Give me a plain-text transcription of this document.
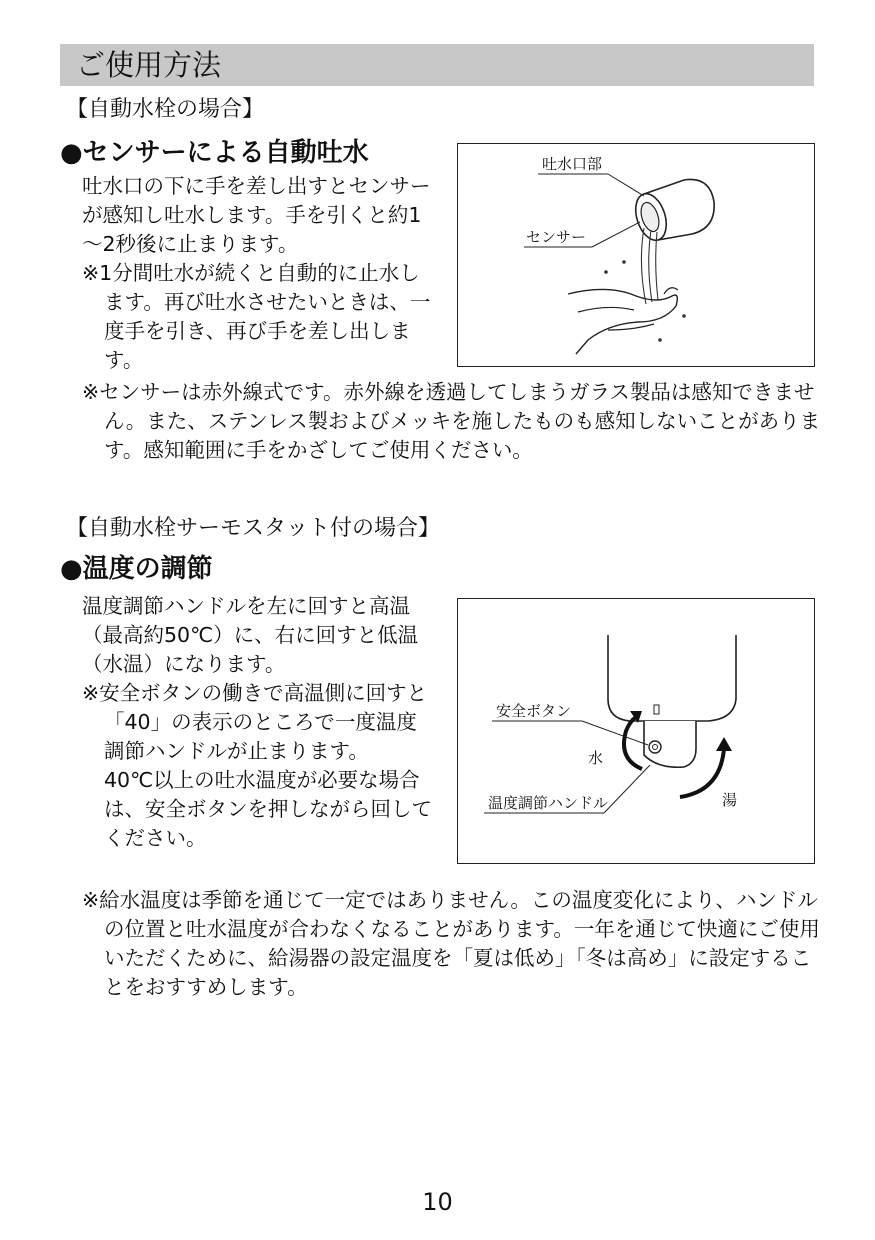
ご使用方法
【自動水栓の場合】
●センサーによる自動吐水

吐水口の下に手を差し出すとセンサーが感知し吐水します。手を引くと約1～2秒後に止まります。

※1分間吐水が続くと自動的に止水します。再び吐水させたいときは、一度手を引き、再び手を差し出します。

吐水口部
センサー

※センサーは赤外線式です。赤外線を透過してしまうガラス製品は感知できません。また、ステンレス製およびメッキを施したものも感知しないことがあります。感知範囲に手をかざしてご使用ください。

【自動水栓サーモスタット付の場合】
●温度の調節

温度調節ハンドルを左に回すと高温（最高約50℃）に、右に回すと低温（水温）になります。

※安全ボタンの働きで高温側に回すと「40」の表示のところで一度温度調節ハンドルが止まります。

40℃以上の吐水温度が必要な場合は、安全ボタンを押しながら回してください。

安全ボタン
水
湯
温度調節ハンドル

※給水温度は季節を通じて一定ではありません。この温度変化により、ハンドルの位置と吐水温度が合わなくなることがあります。一年を通じて快適にご使用いただくために、給湯器の設定温度を「夏は低め」「冬は高め」に設定することをおすすめします。

10
